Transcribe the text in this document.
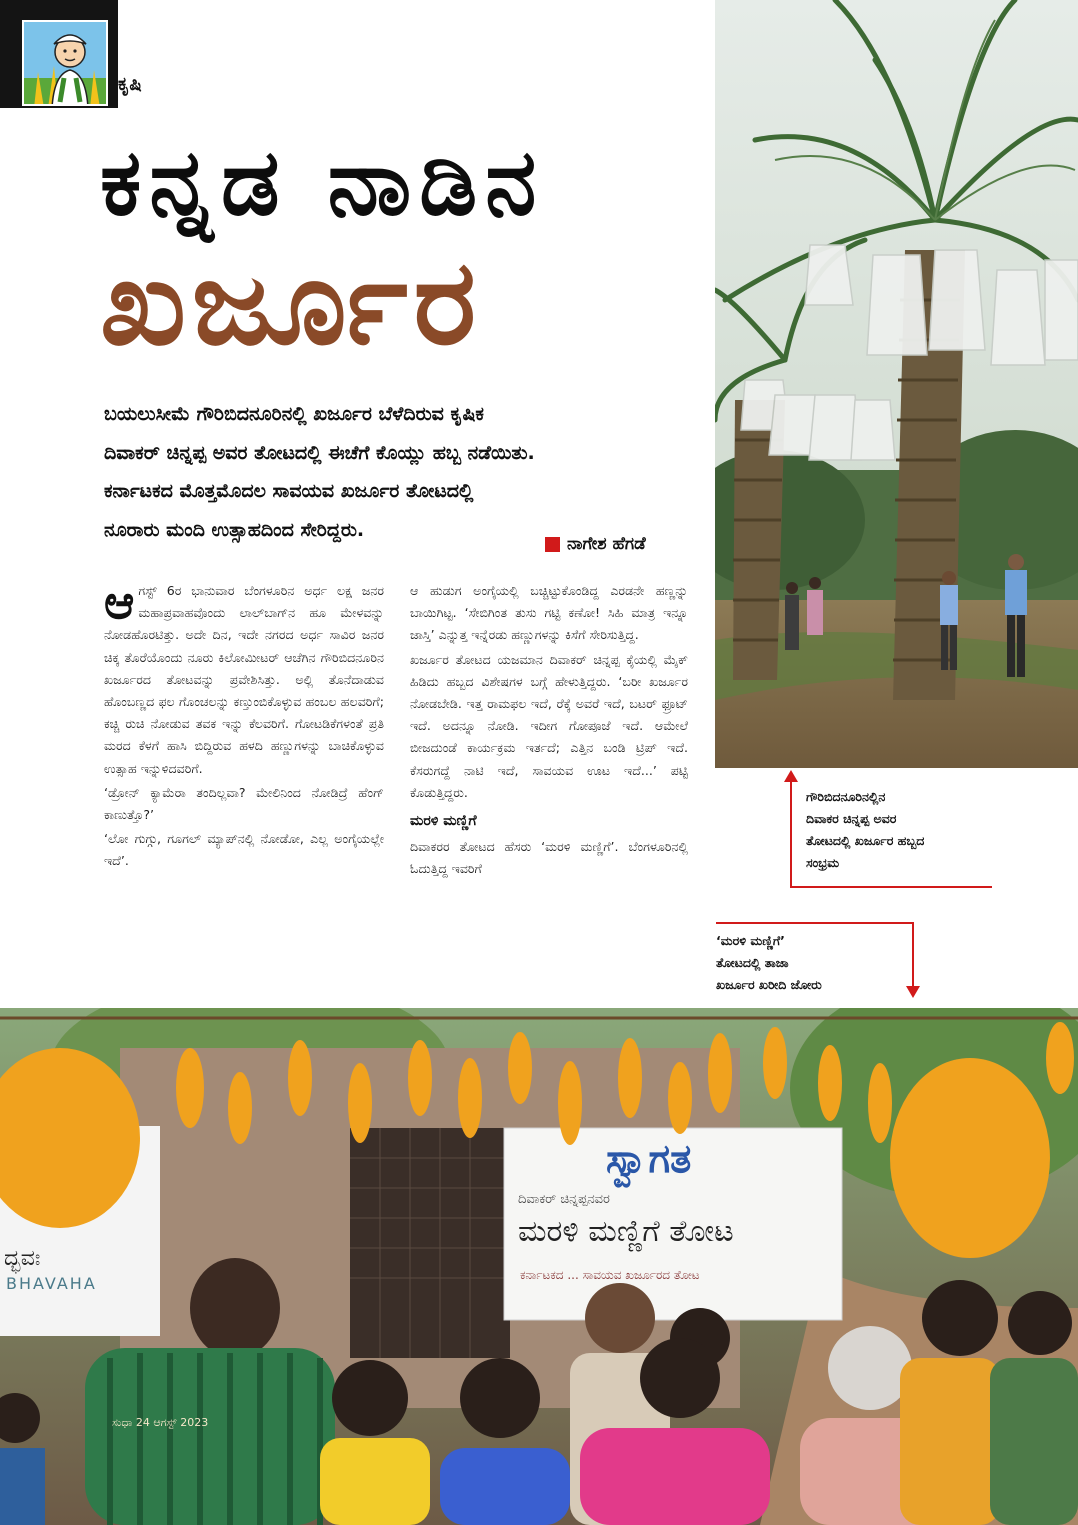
ಕೃಷಿ
ಕನ್ನಡ ನಾಡಿನ
ಖರ್ಜೂರ
ಬಯಲುಸೀಮೆ ಗೌರಿಬಿದನೂರಿನಲ್ಲಿ ಖರ್ಜೂರ ಬೆಳೆದಿರುವ ಕೃಷಿಕ
ದಿವಾಕರ್ ಚಿನ್ನಪ್ಪ ಅವರ ತೋಟದಲ್ಲಿ ಈಚೆಗೆ ಕೊಯ್ಲು ಹಬ್ಬ ನಡೆಯಿತು.
ಕರ್ನಾಟಕದ ಮೊತ್ತಮೊದಲ ಸಾವಯವ ಖರ್ಜೂರ ತೋಟದಲ್ಲಿ
ನೂರಾರು ಮಂದಿ ಉತ್ಸಾಹದಿಂದ ಸೇರಿದ್ದರು.
ನಾಗೇಶ ಹೆಗಡೆ

ಆ ಗಸ್ಟ್ 6ರ ಭಾನುವಾರ ಬೆಂಗಳೂರಿನ ಅರ್ಧ ಲಕ್ಷ ಜನರ ಮಹಾಪ್ರವಾಹವೊಂದು ಲಾಲ್‌ಬಾಗ್‌ನ ಹೂ ಮೇಳವನ್ನು ನೋಡಹೊರಟಿತ್ತು. ಅದೇ ದಿನ, ಇದೇ ನಗರದ ಅರ್ಧ ಸಾವಿರ ಜನರ ಚಿಕ್ಕ ತೊರೆಯೊಂದು ನೂರು ಕಿಲೋಮೀಟರ್ ಆಚೆಗಿನ ಗೌರಿಬಿದನೂರಿನ ಖರ್ಜೂರದ ತೋಟವನ್ನು ಪ್ರವೇಶಿಸಿತ್ತು. ಅಲ್ಲಿ ತೊನೆದಾಡುವ ಹೊಂಬಣ್ಣದ ಫಲ ಗೊಂಚಲನ್ನು ಕಣ್ತುಂಬಿಕೊಳ್ಳುವ ಹಂಬಲ ಹಲವರಿಗೆ; ಕಚ್ಚಿ ರುಚಿ ನೋಡುವ ತವಕ ಇನ್ನು ಕೆಲವರಿಗೆ. ಗೋಟಡಿಕೆಗಳಂತೆ ಪ್ರತಿ ಮರದ ಕೆಳಗೆ ಹಾಸಿ ಬಿದ್ದಿರುವ ಹಳದಿ ಹಣ್ಣುಗಳನ್ನು ಬಾಚಿಕೊಳ್ಳುವ ಉತ್ಸಾಹ ಇನ್ನುಳಿದವರಿಗೆ.

‘ಡ್ರೋನ್ ಕ್ಯಾಮೆರಾ ತಂದಿಲ್ಲವಾ? ಮೇಲಿನಿಂದ ನೋಡಿದ್ರೆ ಹೆಂಗ್ ಕಾಣುತ್ತೊ?’

‘ಲೋ ಗುಗ್ಗು, ಗೂಗಲ್ ಮ್ಯಾಪ್‌ನಲ್ಲಿ ನೋಡೋ, ಎಲ್ಲ ಅಂಗೈಯಲ್ಲೇ ಇದೆ’.

ಆ ಹುಡುಗ ಅಂಗೈಯಲ್ಲಿ ಬಚ್ಚಿಟ್ಟುಕೊಂಡಿದ್ದ ಎರಡನೇ ಹಣ್ಣನ್ನು ಬಾಯಿಗಿಟ್ಟ. ‘ಸೇಬಿಗಿಂತ ತುಸು ಗಟ್ಟಿ ಕಣೋ! ಸಿಹಿ ಮಾತ್ರ ಇನ್ನೂ ಜಾಸ್ತಿ’ ಎನ್ನುತ್ತ ಇನ್ನೆರಡು ಹಣ್ಣುಗಳನ್ನು ಕಿಸೆಗೆ ಸೇರಿಸುತ್ತಿದ್ದ.

ಖರ್ಜೂರ ತೋಟದ ಯಜಮಾನ ದಿವಾಕರ್ ಚಿನ್ನಪ್ಪ ಕೈಯಲ್ಲಿ ಮೈಕ್ ಹಿಡಿದು ಹಬ್ಬದ ವಿಶೇಷಗಳ ಬಗ್ಗೆ ಹೇಳುತ್ತಿದ್ದರು. ‘ಬರೀ ಖರ್ಜೂರ ನೋಡಬೇಡಿ. ಇತ್ತ ರಾಮಫಲ ಇದೆ, ರೆಕ್ಕೆ ಅವರೆ ಇದೆ, ಬಟರ್ ಫ್ರೂಟ್ ಇದೆ. ಅದನ್ನೂ ನೋಡಿ. ಇದೀಗ ಗೋಪೂಜೆ ಇದೆ. ಆಮೇಲೆ ಬೀಜದುಂಡೆ ಕಾರ್ಯಕ್ರಮ ಇರ್ತದೆ; ಎತ್ತಿನ ಬಂಡಿ ಟ್ರಿಪ್ ಇದೆ. ಕೆಸರುಗದ್ದೆ ನಾಟಿ ಇದೆ, ಸಾವಯವ ಊಟ ಇದೆ...’ ಪಟ್ಟಿ ಕೊಡುತ್ತಿದ್ದರು.

ಮರಳಿ ಮಣ್ಣಿಗೆ

ದಿವಾಕರರ ತೋಟದ ಹೆಸರು ‘ಮರಳಿ ಮಣ್ಣಿಗೆ’. ಬೆಂಗಳೂರಿನಲ್ಲಿ ಓದುತ್ತಿದ್ದ ಇವರಿಗೆ

ಗೌರಿಬಿದನೂರಿನಲ್ಲಿನ
ದಿವಾಕರ ಚಿನ್ನಪ್ಪ ಅವರ
ತೋಟದಲ್ಲಿ ಖರ್ಜೂರ ಹಬ್ಬದ
ಸಂಭ್ರಮ
‘ಮರಳಿ ಮಣ್ಣಿಗೆ’
ತೋಟದಲ್ಲಿ ತಾಜಾ
ಖರ್ಜೂರ ಖರೀದಿ ಜೋರು
ಸ್ವಾಗತ
ದಿವಾಕರ್ ಚಿನ್ನಪ್ಪನವರ
ಮರಳಿ ಮಣ್ಣಿಗೆ ತೋಟ
ಕರ್ನಾಟಕದ ... ಸಾವಯವ ಖರ್ಜೂರದ ತೋಟ
ದ್ಭವಃ
BHAVAHA
ಸುಧಾ 24 ಆಗಸ್ಟ್ 2023
